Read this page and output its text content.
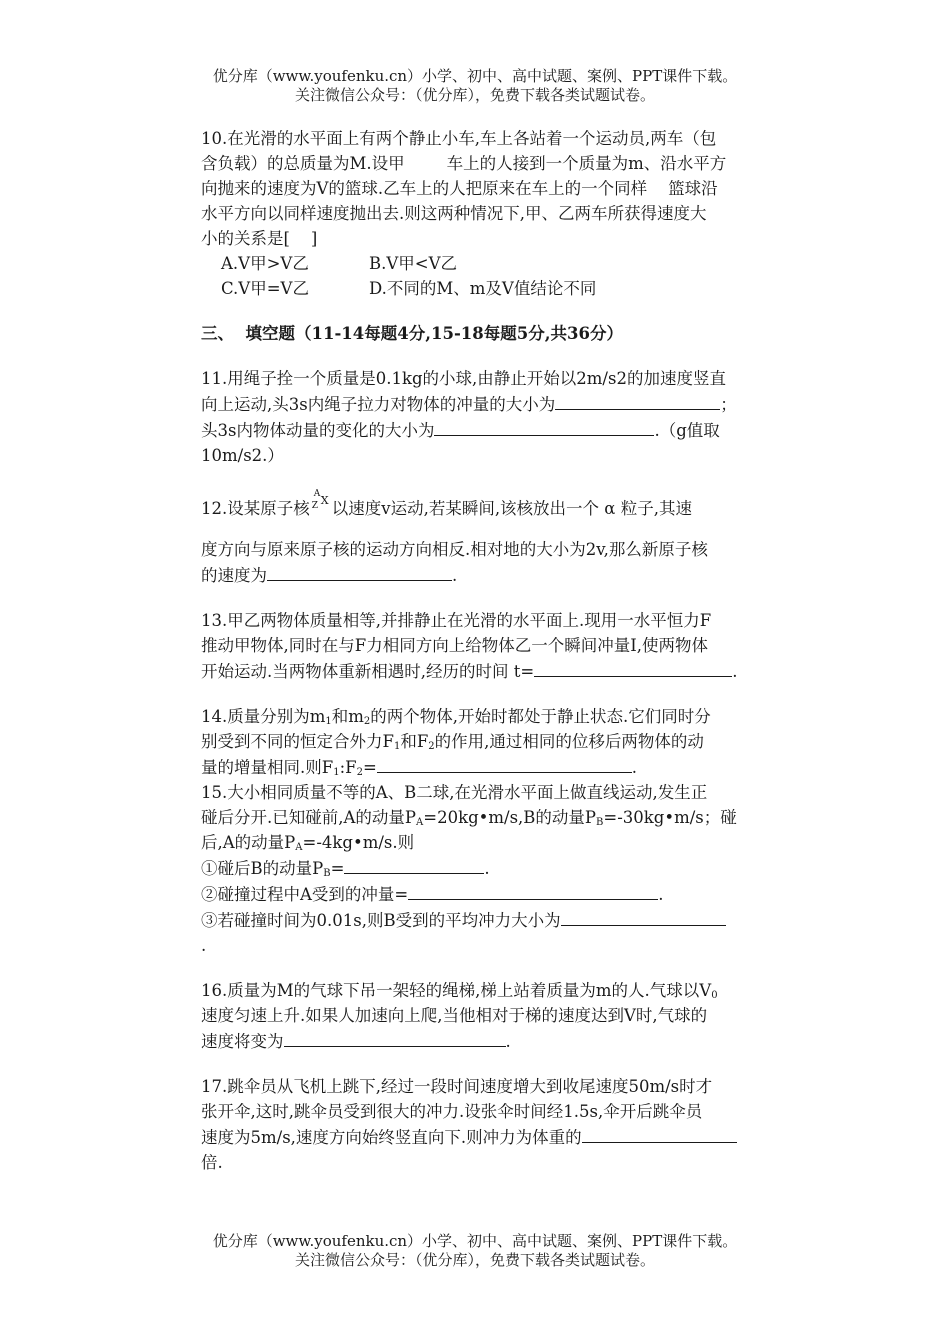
优分库（www.youfenku.cn）小学、初中、高中试题、案例、PPT课件下载。
关注微信公众号：（优分库），免费下载各类试题试卷。

10.在光滑的水平面上有两个静止小车,车上各站着一个运动员,两车（包

含负载）的总质量为M.设甲        车上的人接到一个质量为m、沿水平方

向抛来的速度为V的篮球.乙车上的人把原来在车上的一个同样    篮球沿

水平方向以同样速度抛出去.则这两种情况下,甲、乙两车所获得速度大

小的关系是[    ]

A.V甲>V乙	B.V甲<V乙
C.V甲=V乙	D.不同的M、m及V值结论不同

三、  填空题（11-14每题4分,15-18每题5分,共36分）

11.用绳子拴一个质量是0.1kg的小球,由静止开始以2m/s2的加速度竖直

向上运动,头3s内绳子拉力对物体的冲量的大小为	；

头3s内物体动量的变化的大小为	.（g值取

10m/s2.）

12.设某原子核
A
Z X 以速度v运动,若某瞬间,该核放出一个 α 粒子,其速

度方向与原来原子核的运动方向相反.相对地的大小为2v,那么新原子核

的速度为	.

13.甲乙两物体质量相等,并排静止在光滑的水平面上.现用一水平恒力F

推动甲物体,同时在与F力相同方向上给物体乙一个瞬间冲量I,使两物体

开始运动.当两物体重新相遇时,经历的时间 t=	.

14.质量分别为$m_1$和$m_2$的两个物体,开始时都处于静止状态.它们同时分

别受到不同的恒定合外力$F_1$和$F_2$的作用,通过相同的位移后两物体的动

量的增量相同.则$F_1:F_2=$	.

15.大小相同质量不等的A、B二球,在光滑水平面上做直线运动,发生正

碰后分开.已知碰前,A的动量$P_A=20kg•m/s,B$的动量$P_B=-30kg•m/s$；碰

后,A的动量$P_A=-4kg•m/s$.则

①碰后B的动量$P_B=$	.

②碰撞过程中A受到的冲量=	.

③若碰撞时间为0.01s,则B受到的平均冲力大小为

.

16.质量为M的气球下吊一架轻的绳梯,梯上站着质量为m的人.气球以$V_0$

速度匀速上升.如果人加速向上爬,当他相对于梯的速度达到V时,气球的

速度将变为	.

17.跳伞员从飞机上跳下,经过一段时间速度增大到收尾速度50m/s时才

张开伞,这时,跳伞员受到很大的冲力.设张伞时间经1.5s,伞开后跳伞员

速度为5m/s,速度方向始终竖直向下.则冲力为体重的

倍.

优分库（www.youfenku.cn）小学、初中、高中试题、案例、PPT课件下载。
关注微信公众号：（优分库），免费下载各类试题试卷。
